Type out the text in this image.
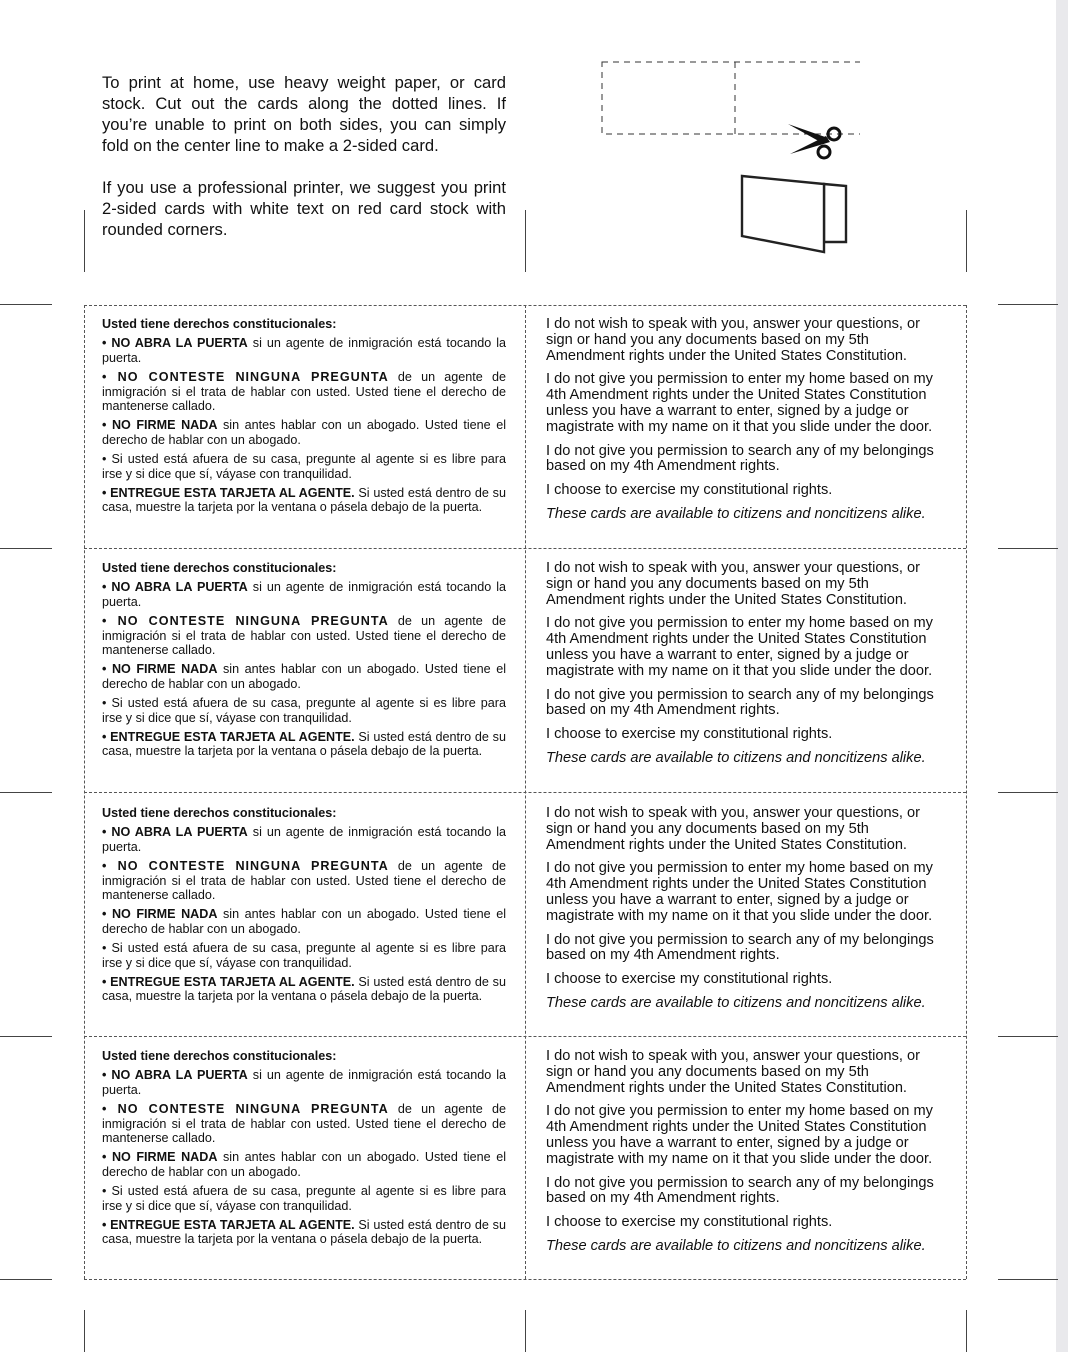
To print at home, use heavy weight paper, or card stock. Cut out the cards along the dotted lines. If you’re unable to print on both sides, you can simply fold on the center line to make a 2-sided card.

If you use a professional printer, we suggest you print 2-sided cards with white text on red card stock with rounded corners.

Usted tiene derechos constitucionales:
• NO ABRA LA PUERTA si un agente de inmigración está tocando la puerta.
• NO CONTESTE NINGUNA PREGUNTA de un agente de inmigración si el trata de hablar con usted. Usted tiene el derecho de mantenerse callado.
• NO FIRME NADA sin antes hablar con un abogado. Usted tiene el derecho de hablar con un abogado.
• Si usted está afuera de su casa, pregunte al agente si es libre para irse y si dice que sí, váyase con tranquilidad.
• ENTREGUE ESTA TARJETA AL AGENTE. Si usted está dentro de su casa, muestre la tarjeta por la ventana o pásela debajo de la puerta.
I do not wish to speak with you, answer your questions, or sign or hand you any documents based on my 5th Amendment rights under the United States Constitution.
I do not give you permission to enter my home based on my 4th Amendment rights under the United States Constitution unless you have a warrant to enter, signed by a judge or magistrate with my name on it that you slide under the door.
I do not give you permission to search any of my belongings based on my 4th Amendment rights.
I choose to exercise my constitutional rights.
These cards are available to citizens and noncitizens alike.
Usted tiene derechos constitucionales:
• NO ABRA LA PUERTA si un agente de inmigración está tocando la puerta.
• NO CONTESTE NINGUNA PREGUNTA de un agente de inmigración si el trata de hablar con usted. Usted tiene el derecho de mantenerse callado.
• NO FIRME NADA sin antes hablar con un abogado. Usted tiene el derecho de hablar con un abogado.
• Si usted está afuera de su casa, pregunte al agente si es libre para irse y si dice que sí, váyase con tranquilidad.
• ENTREGUE ESTA TARJETA AL AGENTE. Si usted está dentro de su casa, muestre la tarjeta por la ventana o pásela debajo de la puerta.
I do not wish to speak with you, answer your questions, or sign or hand you any documents based on my 5th Amendment rights under the United States Constitution.
I do not give you permission to enter my home based on my 4th Amendment rights under the United States Constitution unless you have a warrant to enter, signed by a judge or magistrate with my name on it that you slide under the door.
I do not give you permission to search any of my belongings based on my 4th Amendment rights.
I choose to exercise my constitutional rights.
These cards are available to citizens and noncitizens alike.
Usted tiene derechos constitucionales:
• NO ABRA LA PUERTA si un agente de inmigración está tocando la puerta.
• NO CONTESTE NINGUNA PREGUNTA de un agente de inmigración si el trata de hablar con usted. Usted tiene el derecho de mantenerse callado.
• NO FIRME NADA sin antes hablar con un abogado. Usted tiene el derecho de hablar con un abogado.
• Si usted está afuera de su casa, pregunte al agente si es libre para irse y si dice que sí, váyase con tranquilidad.
• ENTREGUE ESTA TARJETA AL AGENTE. Si usted está dentro de su casa, muestre la tarjeta por la ventana o pásela debajo de la puerta.
I do not wish to speak with you, answer your questions, or sign or hand you any documents based on my 5th Amendment rights under the United States Constitution.
I do not give you permission to enter my home based on my 4th Amendment rights under the United States Constitution unless you have a warrant to enter, signed by a judge or magistrate with my name on it that you slide under the door.
I do not give you permission to search any of my belongings based on my 4th Amendment rights.
I choose to exercise my constitutional rights.
These cards are available to citizens and noncitizens alike.
Usted tiene derechos constitucionales:
• NO ABRA LA PUERTA si un agente de inmigración está tocando la puerta.
• NO CONTESTE NINGUNA PREGUNTA de un agente de inmigración si el trata de hablar con usted. Usted tiene el derecho de mantenerse callado.
• NO FIRME NADA sin antes hablar con un abogado. Usted tiene el derecho de hablar con un abogado.
• Si usted está afuera de su casa, pregunte al agente si es libre para irse y si dice que sí, váyase con tranquilidad.
• ENTREGUE ESTA TARJETA AL AGENTE. Si usted está dentro de su casa, muestre la tarjeta por la ventana o pásela debajo de la puerta.
I do not wish to speak with you, answer your questions, or sign or hand you any documents based on my 5th Amendment rights under the United States Constitution.
I do not give you permission to enter my home based on my 4th Amendment rights under the United States Constitution unless you have a warrant to enter, signed by a judge or magistrate with my name on it that you slide under the door.
I do not give you permission to search any of my belongings based on my 4th Amendment rights.
I choose to exercise my constitutional rights.
These cards are available to citizens and noncitizens alike.
